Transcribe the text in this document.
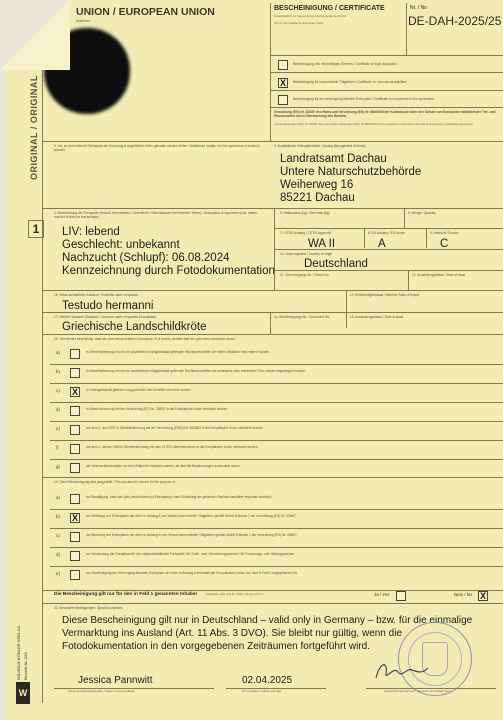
UNION / EUROPEAN UNION
Ausfuhrer
BESCHEINIGUNG / CERTIFICATE
Ausschließlich zur Verwendung in der Europäischen Union
Not for use outside the European Union
Nr. / No
DE-DAH-2025/25
Bescheinigung des rechtmäßigen Erwerbs / Certificate of legal acquisition
X	Bescheinigung für kommerzielle Tätigkeiten / Certificate for commercial activities
Bescheinigung für die Verbringung lebender Exemplare / Certificate for movement of live specimens
Verordnung (EG) Nr. 338/97 des Rates und Verordnung (EG) Nr. 865/2006 der Kommission über den Schutz von Exemplaren wildlebender Tier- und Pflanzenarten durch Überwachung des Handels
Council Regulation (EC) No 338/97 and Commission Regulation (EC) No 865/2006 on the protection of species of wild fauna and flora by regulating trade therein
ORIGINAL / ORIGINAL
1
WILHELM KÖHLER VERLAG Bestell-Nr. 224
W
2. Ort, an dem lebende Exemplare der in Anhang A aufgeführten Arten gehalten werden dürfen / Authorised location for live specimens of Annex A species
3. Ausstellende Vollzugsbehörde / Issuing Management Authority
Landratsamt Dachau
Untere Naturschutzbehörde
Weiherweg 16
85221 Dachau
4. Beschreibung der Exemplare (einschl. Kennzeichen, Geschlecht / Geburtsdatum bei lebenden Tieren) / Description of specimens (incl. marks, number of birth for live animals)
LIV: lebend
Geschlecht: unbekannt
Nachzucht (Schlupf): 06.08.2024
Kennzeichnung durch Fotodokumentation
5. Nettomasse (kg) / Net mass (kg)	6. Menge / Quantity
7. CITES-Anhang / CITES Appendix
WA II
8. EU-Anhang / EU Annex
A
9. Herkunft / Source
C
10. Ursprungsland / Country of origin
Deutschland
11. Genehmigungs-Nr. / Permit No	12. Ausstellungsdatum / Date of issue
16. Wissenschaftlicher Artname / Scientific name of species
Testudo hermanni
13. Einfuhrmitgliedstaat / Member State of import
17. Üblicher Artname (Deutsch) / Common name of species (if available)
Griechische Landschildkröte
14. Bescheinigungs-Nr. / Document No	15. Ausstellungsdatum / Date of issue
18. Hiermit wird bescheinigt, dass die oben beschriebenen Exemplare / It is hereby certified that the specimens described above:
a)	in Übereinstimmung mit den im ausstellenden Mitgliedstaat geltenden Rechtsvorschriften der freien Wildbahn entnommen wurden
b)	in Übereinstimmung mit den im ausstellenden Mitgliedstaat geltenden Rechtsvorschriften als verlassene oder entwichene Tiere wieder eingefangen wurden
c) X	in Gefangenschaft geboren und gezüchtet oder künstlich vermehrt wurden
d)	in Übereinstimmung mit der Verordnung (EG) Nr. 338/97 in die Europäische Union verbracht wurden
e)	vor dem 1. Juni 1997 in Übereinstimmung mit der Verordnung (EWG) Nr. 3626/82 in die Europäische Union verbracht wurden
f)	vor dem 1. Januar 1984 in Übereinstimmung mit dem CITES-Übereinkommen in die Europäische Union verbracht wurden
g)	als Vorerwerbsexemplare vor dem Zeitpunkt erworben wurden, ab dem die Bestimmungen anwendbar waren
19. Diese Bescheinigung wird ausgestellt / This document is issued for the purpose of:
a)	zur Bestätigung, dass das (die) beschriebene(n) Exemplar(e) unter Einhaltung der geltenden Rechtsvorschriften erworben wurde(n)
b) X	zur Befreiung von Exemplaren der Arten in Anhang A von Verbot kommerzieller Tätigkeiten gemäß Artikel 8 Absatz 1 der Verordnung (EG) Nr. 338/97
c)	zur Befreiung von Exemplaren der Arten in Anhang A vom Verbot kommerzieller Tätigkeiten gemäß Artikel 8 Absatz 1 der Verordnung (EG) Nr. 338/97
d)	zur Verwendung der Exemplare für den wissenschaftlichen Fortschritt / für Zucht- oder Vermehrungszwecke / für Forschungs- oder Bildungszwecke
e)	zur Genehmigung der Verbringung lebender Exemplare der Arten in Anhang A innerhalb der Europäischen Union von dem in Feld 2 angegebenen Ort
Die Bescheinigung gilt nur für den in Feld 1 genannten Inhaber	Certificate valid only for holder named in box 1	Ja / Yes	Nein / No X
20. Besondere Bedingungen / Special conditions
Diese Bescheinigung gilt nur in Deutschland – valid only in Germany – bzw. für die einmalige
Vermarktung ins Ausland (Art. 11 Abs. 3 DVO). Sie bleibt nur gültig, wenn die
Fotodokumentation in den vorgegebenen Zeiträumen fortgeführt wird.
Jessica Pannwitt	02.04.2025
Name des Bescheinigenden / Name of issuing official	Ort und Datum / Place and date	Unterschrift und Stempel / Signature and official stamp
